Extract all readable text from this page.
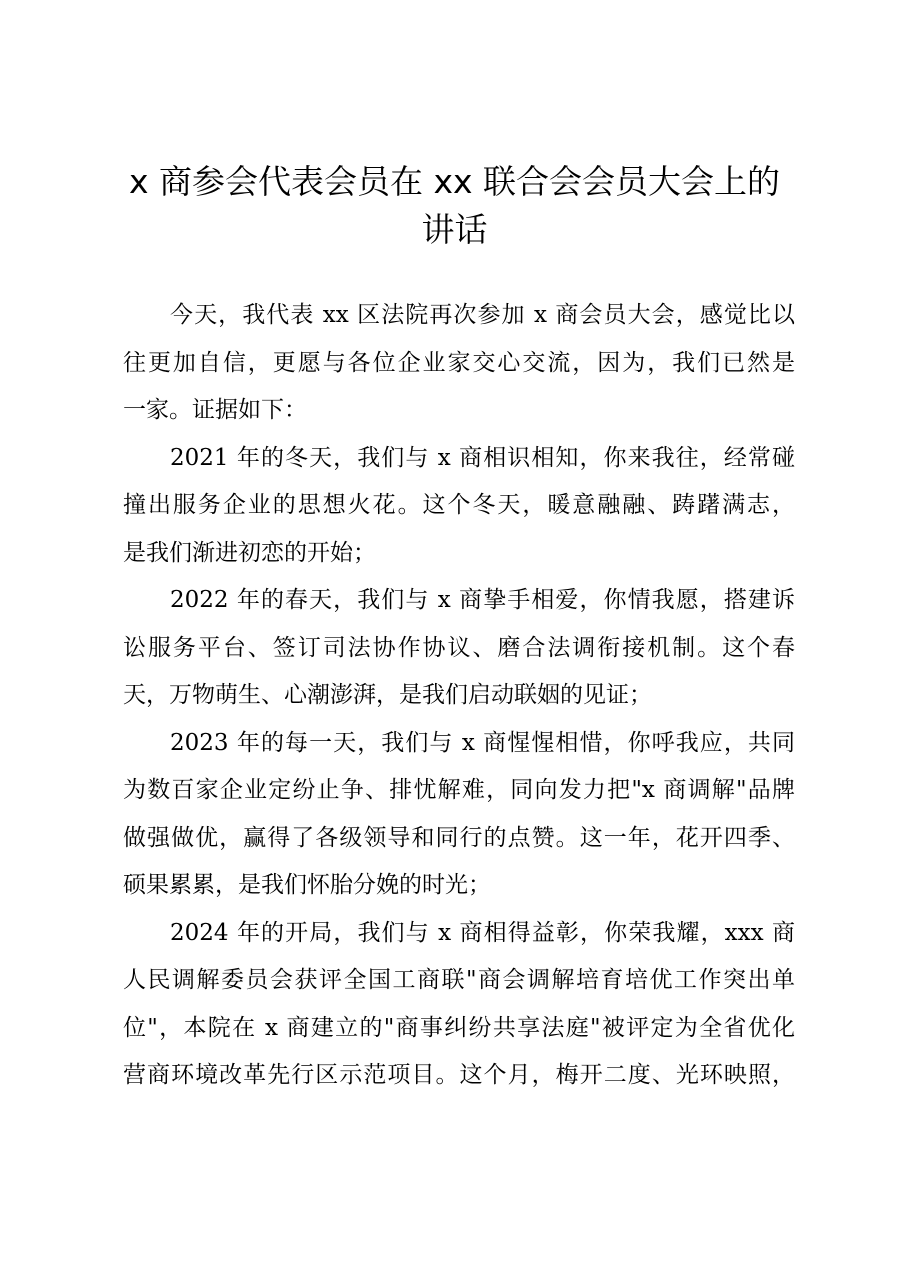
x 商参会代表会员在 xx 联合会会员大会上的
讲话
今天，我代表 xx 区法院再次参加 x 商会员大会，感觉比以
往更加自信，更愿与各位企业家交心交流，因为，我们已然是
一家。证据如下：
2021 年的冬天，我们与 x 商相识相知，你来我往，经常碰
撞出服务企业的思想火花。这个冬天，暖意融融、踌躇满志，
是我们渐进初恋的开始；
2022 年的春天，我们与 x 商挚手相爱，你情我愿，搭建诉
讼服务平台、签订司法协作协议、磨合法调衔接机制。这个春
天，万物萌生、心潮澎湃，是我们启动联姻的见证；
2023 年的每一天，我们与 x 商惺惺相惜，你呼我应，共同
为数百家企业定纷止争、排忧解难，同向发力把"x 商调解"品牌
做强做优，赢得了各级领导和同行的点赞。这一年，花开四季、
硕果累累，是我们怀胎分娩的时光；
2024 年的开局，我们与 x 商相得益彰，你荣我耀，xxx 商
人民调解委员会获评全国工商联"商会调解培育培优工作突出单
位"，本院在 x 商建立的"商事纠纷共享法庭"被评定为全省优化
营商环境改革先行区示范项目。这个月，梅开二度、光环映照，
